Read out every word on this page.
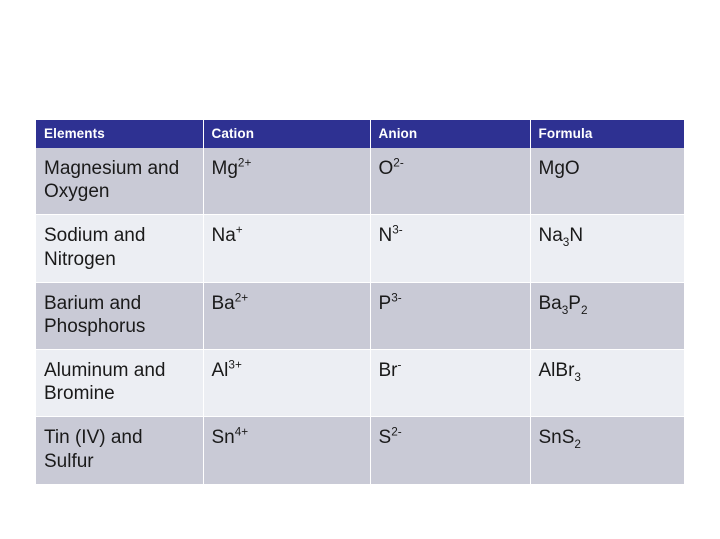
Elements	Cation	Anion	Formula
Magnesium and Oxygen	$Mg^{2+}$	$O^{2-}$	MgO
Sodium and Nitrogen	Na+	$N^{3-}$	$Na_3N$
Barium and Phosphorus	$Ba^{2+}$	$P^{3-}$	$Ba_3P_2$
Aluminum and Bromine	$Al^{3+}$	Br-	AlBr$_3$
Tin (IV) and Sulfur	$Sn^{4+}$	$S^{2-}$	SnS$_2$
